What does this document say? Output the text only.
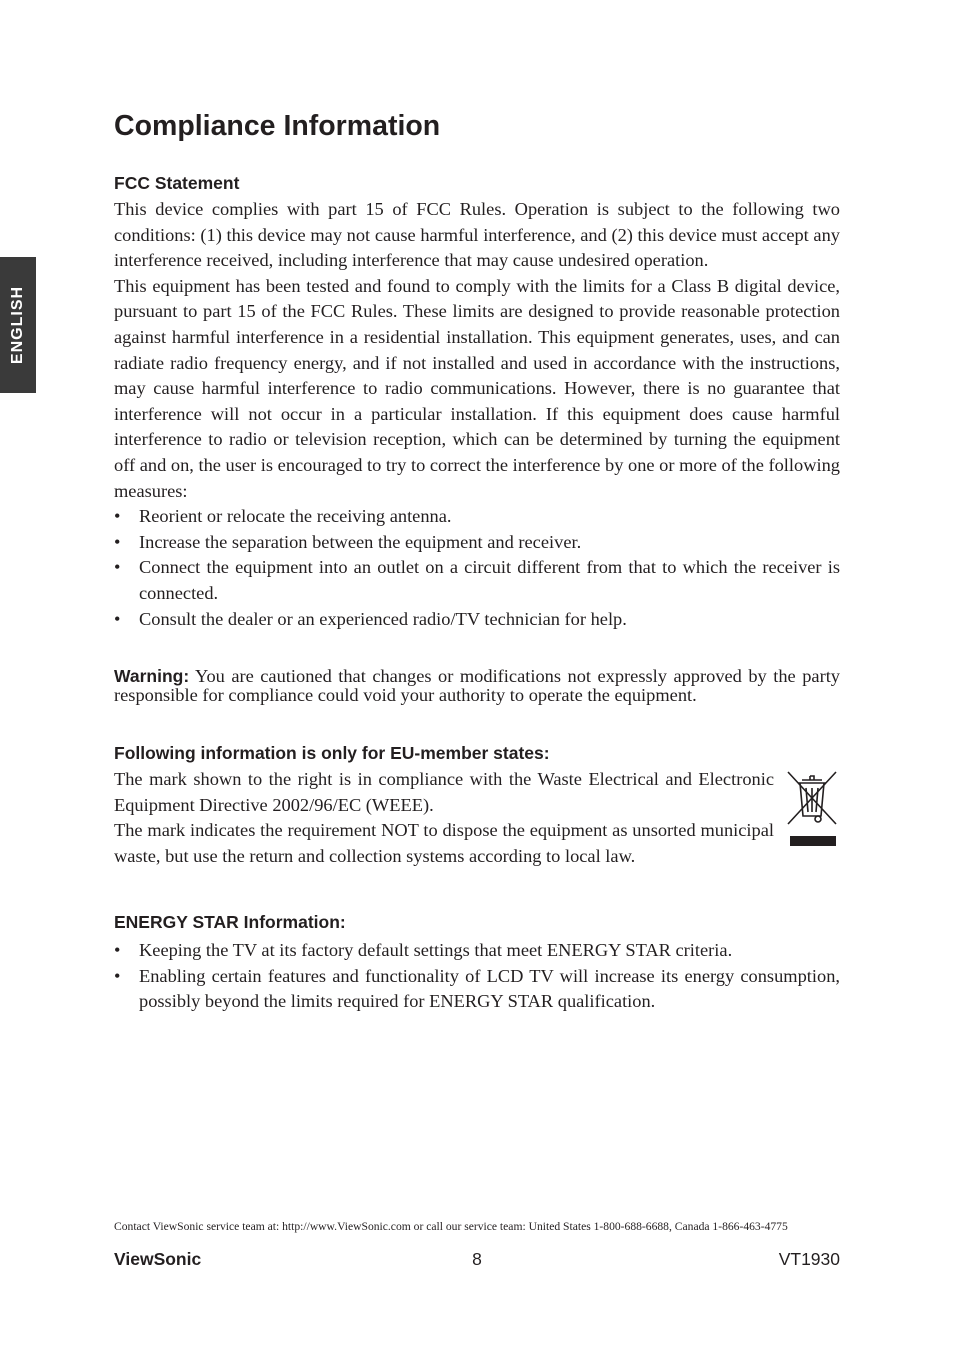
ENGLISH
Compliance Information
FCC Statement

This device complies with part 15 of FCC Rules. Operation is subject to the following two conditions: (1) this device may not cause harmful interference, and (2) this device must accept any interference received, including interference that may cause undesired operation.

This equipment has been tested and found to comply with the limits for a Class B digital device, pursuant to part 15 of the FCC Rules. These limits are designed to provide reasonable protection against harmful interference in a residential installation. This equipment generates, uses, and can radiate radio frequency energy, and if not installed and used in accordance with the instructions, may cause harmful interference to radio communications. However, there is no guarantee that interference will not occur in a particular installation. If this equipment does cause harmful interference to radio or television reception, which can be determined by turning the equipment off and on, the user is encouraged to try to correct the interference by one or more of the following measures:

• Reorient or relocate the receiving antenna.
• Increase the separation between the equipment and receiver.
• Connect the equipment into an outlet on a circuit different from that to which the receiver is connected.
• Consult the dealer or an experienced radio/TV technician for help.

Warning: You are cautioned that changes or modifications not expressly approved by the party responsible for compliance could void your authority to operate the equipment.

Following information is only for EU-member states:

The mark shown to the right is in compliance with the Waste Electrical and Electronic Equipment Directive 2002/96/EC (WEEE).

The mark indicates the requirement NOT to dispose the equipment as unsorted municipal waste, but use the return and collection systems according to local law.

ENERGY STAR Information:
• Keeping the TV at its factory default settings that meet ENERGY STAR criteria.
• Enabling certain features and functionality of LCD TV will increase its energy consumption, possibly beyond the limits required for ENERGY STAR qualification.
Contact ViewSonic service team at: http://www.ViewSonic.com or call our service team: United States 1-800-688-6688, Canada 1-866-463-4775
ViewSonic	8	VT1930
